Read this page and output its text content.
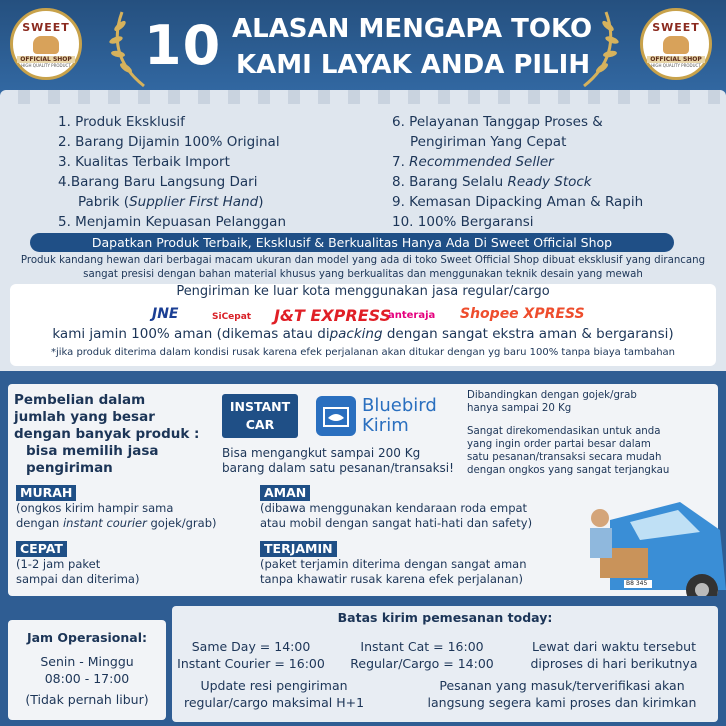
SWEET
OFFICIAL SHOP
HIGH QUALITY PRODUCT
SWEET
OFFICIAL SHOP
HIGH QUALITY PRODUCT
10 ALASAN MENGAPA TOKO
KAMI LAYAK ANDA PILIH
1. Produk Eksklusif
2. Barang Dijamin 100% Original
3. Kualitas Terbaik Import
4.Barang Baru Langsung Dari
Pabrik (Supplier First Hand)
5. Menjamin Kepuasan Pelanggan
6. Pelayanan Tanggap Proses &
Pengiriman Yang Cepat
7. Recommended Seller
8. Barang Selalu Ready Stock
9. Kemasan Dipacking Aman & Rapih
10. 100% Bergaransi
Dapatkan Produk Terbaik, Eksklusif & Berkualitas Hanya Ada Di Sweet Official Shop
Produk kandang hewan dari berbagai macam ukuran dan model yang ada di toko Sweet Official Shop dibuat eksklusif yang dirancang sangat presisi dengan bahan material khusus yang berkualitas dan menggunakan teknik desain yang mewah
Pengiriman ke luar kota menggunakan jasa regular/cargo
JNE	SiCepat J&T EXPRESS
anteraja Shopee XPRESS
kami jamin 100% aman (dikemas atau dipacking dengan sangat ekstra aman & bergaransi)
*jika produk diterima dalam kondisi rusak karena efek perjalanan akan ditukar dengan yg baru 100% tanpa biaya tambahan
Pembelian dalam
jumlah yang besar
dengan banyak produk :
bisa memilih jasa
pengiriman
INSTANT
CAR
Bluebird
Kirim
Bisa mengangkut sampai 200 Kg
barang dalam satu pesanan/transaksi!
Dibandingkan dengan gojek/grab
hanya sampai 20 Kg
Sangat direkomendasikan untuk anda
yang ingin order partai besar dalam
satu pesanan/transaksi secara mudah
dengan ongkos yang sangat terjangkau
MURAH
(ongkos kirim hampir sama
dengan instant courier gojek/grab)
CEPAT
(1-2 jam paket
sampai dan diterima)
AMAN
(dibawa menggunakan kendaraan roda empat
atau mobil dengan sangat hati-hati dan safety)
TERJAMIN
(paket terjamin diterima dengan sangat aman
tanpa khawatir rusak karena efek perjalanan)	B8 345
Jam Operasional:
Senin - Minggu
08:00 - 17:00
(Tidak pernah libur)
Batas kirim pemesanan today:
Same Day = 14:00
Instant Courier = 16:00
Instant Cat = 16:00
Regular/Cargo = 14:00
Lewat dari waktu tersebut
diproses di hari berikutnya
Update resi pengiriman
regular/cargo maksimal H+1
Pesanan yang masuk/terverifikasi akan
langsung segera kami proses dan kirimkan
